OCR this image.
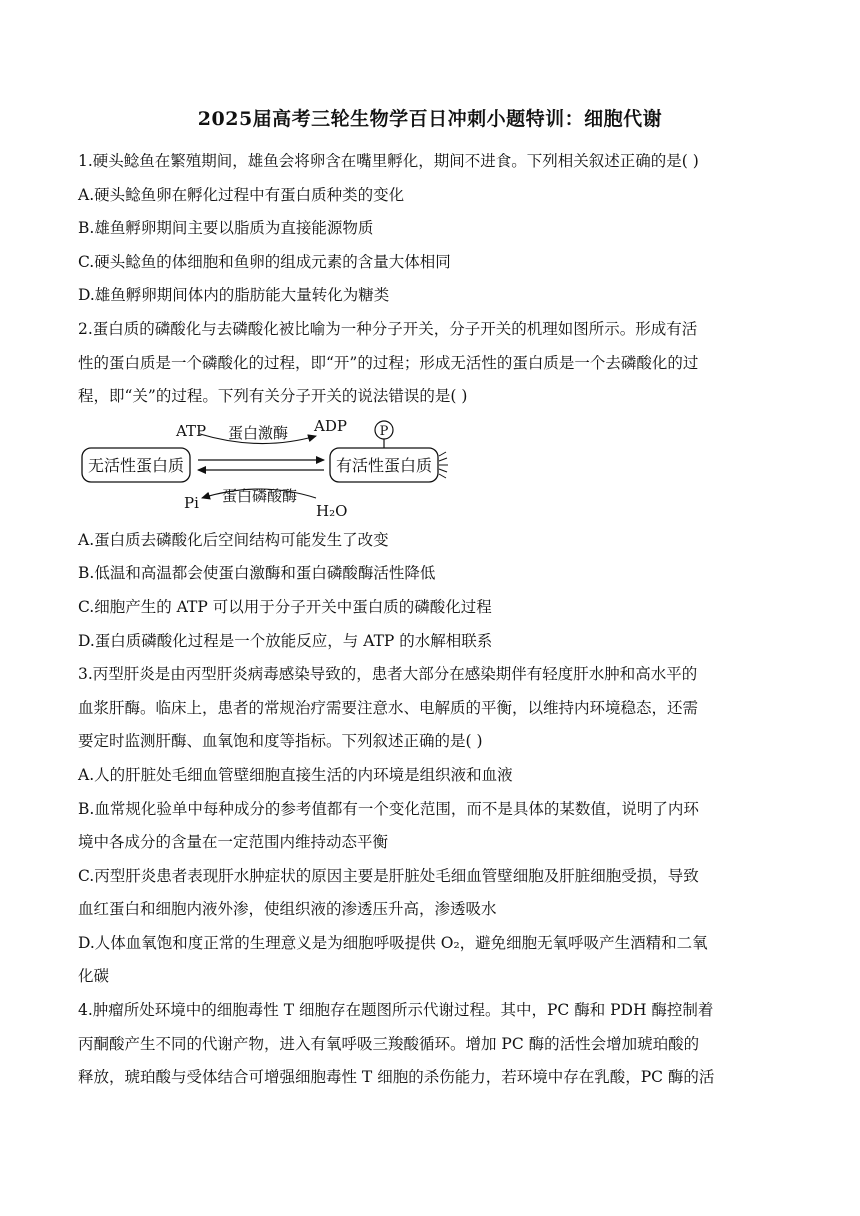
2025届高考三轮生物学百日冲刺小题特训：细胞代谢

1.硬头鲶鱼在繁殖期间，雄鱼会将卵含在嘴里孵化，期间不进食。下列相关叙述正确的是( )

A.硬头鲶鱼卵在孵化过程中有蛋白质种类的变化

B.雄鱼孵卵期间主要以脂质为直接能源物质

C.硬头鲶鱼的体细胞和鱼卵的组成元素的含量大体相同

D.雄鱼孵卵期间体内的脂肪能大量转化为糖类

2.蛋白质的磷酸化与去磷酸化被比喻为一种分子开关，分子开关的机理如图所示。形成有活

性的蛋白质是一个磷酸化的过程，即“开”的过程；形成无活性的蛋白质是一个去磷酸化的过

程，即“关”的过程。下列有关分子开关的说法错误的是( )

无活性蛋白质	有活性蛋白质
P
ATP	ADP
蛋白激酶
蛋白磷酸酶
Pi	H₂O

A.蛋白质去磷酸化后空间结构可能发生了改变

B.低温和高温都会使蛋白激酶和蛋白磷酸酶活性降低

C.细胞产生的 ATP 可以用于分子开关中蛋白质的磷酸化过程

D.蛋白质磷酸化过程是一个放能反应，与 ATP 的水解相联系

3.丙型肝炎是由丙型肝炎病毒感染导致的，患者大部分在感染期伴有轻度肝水肿和高水平的

血浆肝酶。临床上，患者的常规治疗需要注意水、电解质的平衡，以维持内环境稳态，还需

要定时监测肝酶、血氧饱和度等指标。下列叙述正确的是( )

A.人的肝脏处毛细血管壁细胞直接生活的内环境是组织液和血液

B.血常规化验单中每种成分的参考值都有一个变化范围，而不是具体的某数值，说明了内环

境中各成分的含量在一定范围内维持动态平衡

C.丙型肝炎患者表现肝水肿症状的原因主要是肝脏处毛细血管壁细胞及肝脏细胞受损，导致

血红蛋白和细胞内液外渗，使组织液的渗透压升高，渗透吸水

D.人体血氧饱和度正常的生理意义是为细胞呼吸提供 O₂，避免细胞无氧呼吸产生酒精和二氧

化碳

4.肿瘤所处环境中的细胞毒性 T 细胞存在题图所示代谢过程。其中，PC 酶和 PDH 酶控制着

丙酮酸产生不同的代谢产物，进入有氧呼吸三羧酸循环。增加 PC 酶的活性会增加琥珀酸的

释放，琥珀酸与受体结合可增强细胞毒性 T 细胞的杀伤能力，若环境中存在乳酸，PC 酶的活
